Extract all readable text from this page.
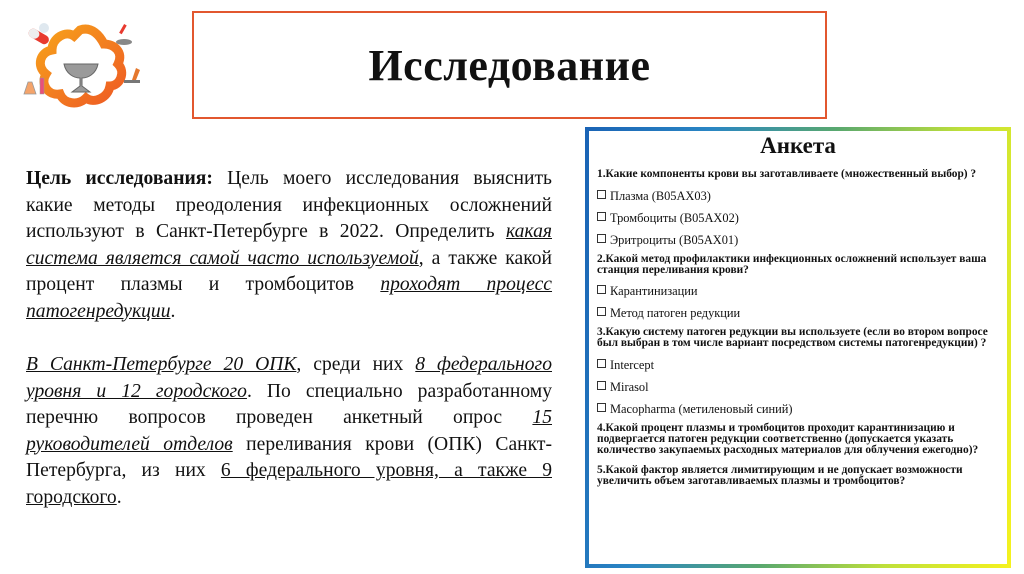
Исследование

Цель исследования: Цель моего исследования выяснить какие методы преодоления инфекционных осложнений используют в Санкт-Петербурге в 2022. Определить какая система является самой часто используемой, а также какой процент плазмы и тромбоцитов проходят процесс патогенредукции.

В Санкт-Петербурге 20 ОПК, среди них 8 федерального уровня и 12 городского. По специально разработанному перечню вопросов проведен анкетный опрос 15 руководителей отделов переливания крови (ОПК) Санкт-Петербурга, из них 6 федерального уровня, а также 9 городского.

Анкета

1.Какие компоненты крови вы заготавливаете (множественный выбор) ?

Плазма (B05AX03)

Тромбоциты (B05AX02)

Эритроциты (B05AX01)

2.Какой метод профилактики инфекционных осложнений использует ваша станция переливания крови?

Карантинизации

Метод патоген редукции

3.Какую систему патоген редукции вы используете (если во втором вопросе был выбран в том числе вариант посредством системы патогенредукции) ?

Intercept

Mirasol

Macopharma (метиленовый синий)

4.Какой процент плазмы и тромбоцитов проходит карантинизацию и подвергается патоген редукции соответственно (допускается указать количество закупаемых расходных материалов для облучения ежегодно)?

5.Какой фактор является лимитирующим и не допускает возможности увеличить объем заготавливаемых плазмы и тромбоцитов?
